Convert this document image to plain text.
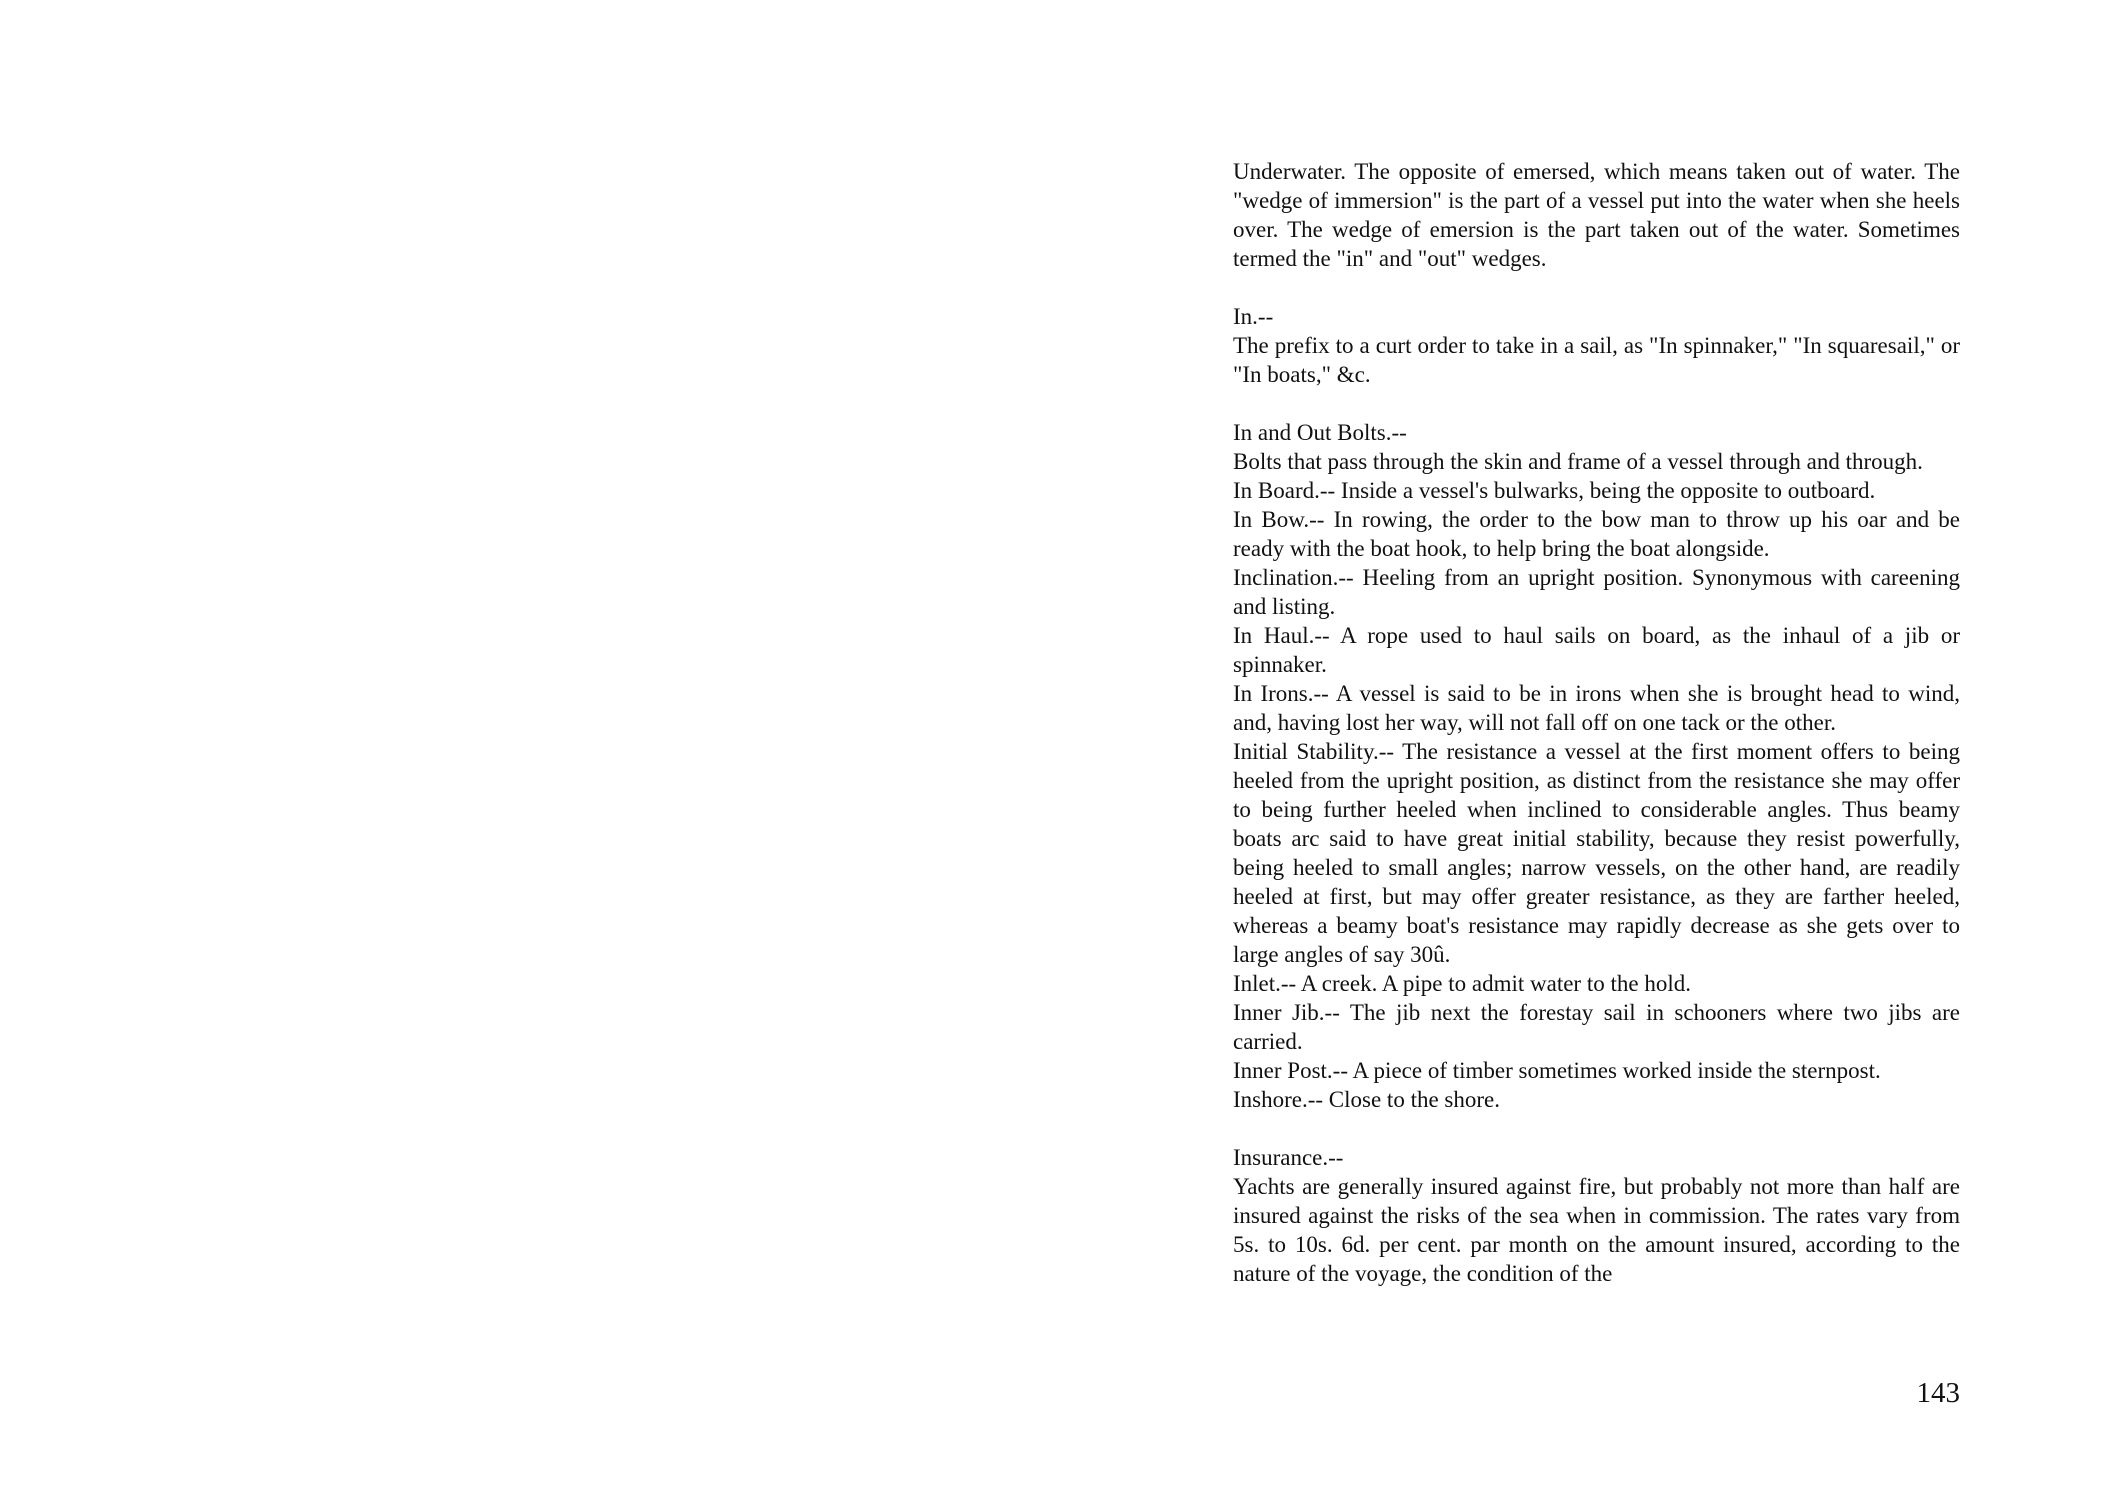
Underwater. The opposite of emersed, which means taken out of water. The "wedge of immersion" is the part of a vessel put into the water when she heels over. The wedge of emersion is the part taken out of the water. Sometimes termed the "in" and "out" wedges.

In.--

The prefix to a curt order to take in a sail, as "In spinnaker," "In squaresail," or "In boats," &c.

In and Out Bolts.--

Bolts that pass through the skin and frame of a vessel through and through.

In Board.-- Inside a vessel's bulwarks, being the opposite to outboard.

In Bow.-- In rowing, the order to the bow man to throw up his oar and be ready with the boat hook, to help bring the boat alongside.

Inclination.-- Heeling from an upright position. Synonymous with careening and listing.

In Haul.-- A rope used to haul sails on board, as the inhaul of a jib or spinnaker.

In Irons.-- A vessel is said to be in irons when she is brought head to wind, and, having lost her way, will not fall off on one tack or the other.

Initial Stability.-- The resistance a vessel at the first moment offers to being heeled from the upright position, as distinct from the resistance she may offer to being further heeled when inclined to considerable angles. Thus beamy boats arc said to have great initial stability, because they resist powerfully, being heeled to small angles; narrow vessels, on the other hand, are readily heeled at first, but may offer greater resistance, as they are farther heeled, whereas a beamy boat's resistance may rapidly decrease as she gets over to large angles of say 30û.

Inlet.-- A creek. A pipe to admit water to the hold.

Inner Jib.-- The jib next the forestay sail in schooners where two jibs are carried.

Inner Post.-- A piece of timber sometimes worked inside the sternpost.

Inshore.-- Close to the shore.

Insurance.--

Yachts are generally insured against fire, but probably not more than half are insured against the risks of the sea when in commission. The rates vary from 5s. to 10s. 6d. per cent. par month on the amount insured, according to the nature of the voyage, the condition of the

143
